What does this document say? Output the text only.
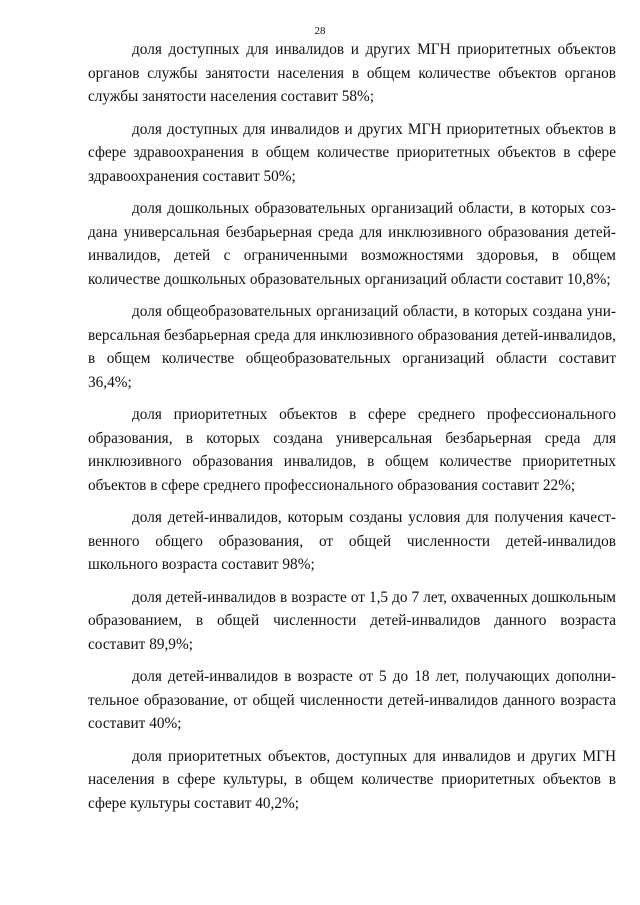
28

доля доступных для инвалидов и других МГН приоритетных объектов органов службы занятости населения в общем количестве объектов органов службы занятости населения составит 58%;

доля доступных для инвалидов и других МГН приоритетных объектов в сфере здравоохранения в общем количестве приоритетных объектов в сфере здравоохранения составит 50%;

доля дошкольных образовательных организаций области, в которых создана универсальная безбарьерная среда для инклюзивного образования детей-инвалидов, детей с ограниченными возможностями здоровья, в общем количестве дошкольных образовательных организаций области составит 10,8%;

доля общеобразовательных организаций области, в которых создана универсальная безбарьерная среда для инклюзивного образования детей-инвалидов, в общем количестве общеобразовательных организаций области составит 36,4%;

доля приоритетных объектов в сфере среднего профессионального образования, в которых создана универсальная безбарьерная среда для инклюзивного образования инвалидов, в общем количестве приоритетных объектов в сфере среднего профессионального образования составит 22%;

доля детей-инвалидов, которым созданы условия для получения качественного общего образования, от общей численности детей-инвалидов школьного возраста составит 98%;

доля детей-инвалидов в возрасте от 1,5 до 7 лет, охваченных дошкольным образованием, в общей численности детей-инвалидов данного возраста составит 89,9%;

доля детей-инвалидов в возрасте от 5 до 18 лет, получающих дополнительное образование, от общей численности детей-инвалидов данного возраста составит 40%;

доля приоритетных объектов, доступных для инвалидов и других МГН населения в сфере культуры, в общем количестве приоритетных объектов в сфере культуры составит 40,2%;
